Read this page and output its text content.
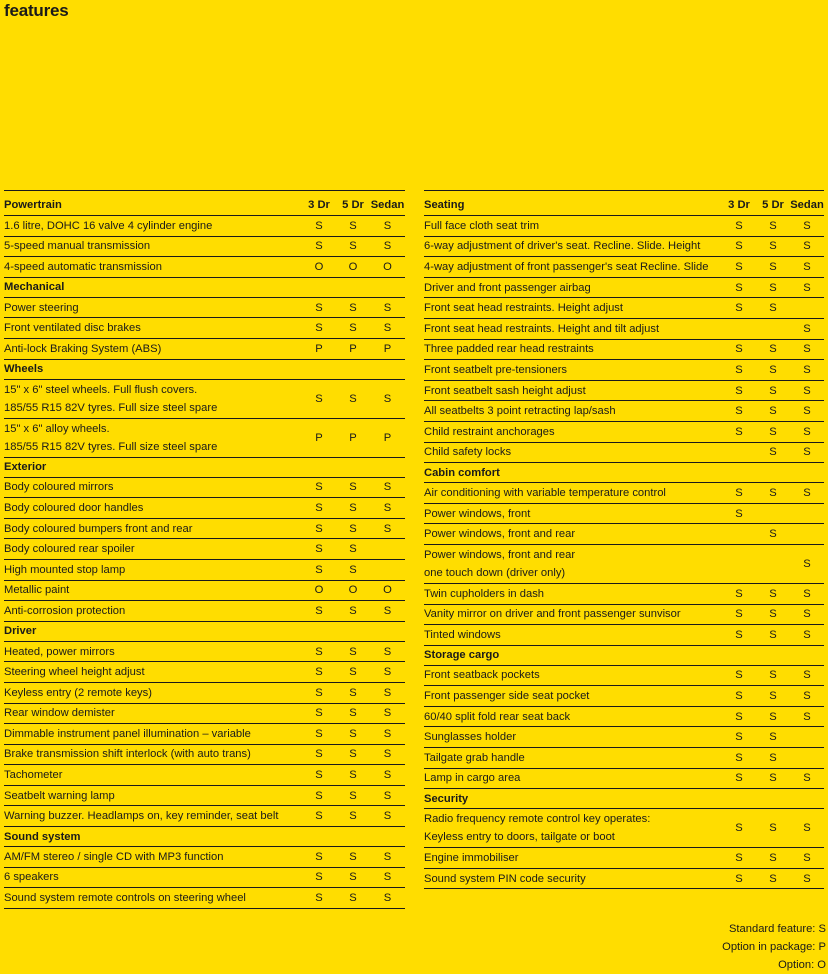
features
Powertrain	3 Dr	5 Dr	Sedan

1.6 litre, DOHC 16 valve 4 cylinder engine	S	S	S

5-speed manual transmission	S	S	S

4-speed automatic transmission	O	O	O
Mechanical			

Power steering	S	S	S

Front ventilated disc brakes	S	S	S

Anti-lock Braking System (ABS)	P	P	P
Wheels			

15" x 6" steel wheels. Full flush covers.
185/55 R15 82V tyres. Full size steel spare	S	S	S

15" x 6" alloy wheels.
185/55 R15 82V tyres. Full size steel spare	P	P	P
Exterior			

Body coloured mirrors	S	S	S

Body coloured door handles	S	S	S

Body coloured bumpers front and rear	S	S	S

Body coloured rear spoiler	S	S	

High mounted stop lamp	S	S	

Metallic paint	O	O	O

Anti-corrosion protection	S	S	S
Driver			

Heated, power mirrors	S	S	S

Steering wheel height adjust	S	S	S

Keyless entry (2 remote keys)	S	S	S

Rear window demister	S	S	S

Dimmable instrument panel illumination – variable	S	S	S

Brake transmission shift interlock (with auto trans)	S	S	S

Tachometer	S	S	S

Seatbelt warning lamp	S	S	S

Warning buzzer. Headlamps on, key reminder, seat belt	S	S	S
Sound system			

AM/FM stereo / single CD with MP3 function	S	S	S

6 speakers	S	S	S

Sound system remote controls on steering wheel	S	S	S
Seating	3 Dr	5 Dr	Sedan

Full face cloth seat trim	S	S	S

6-way adjustment of driver's seat. Recline. Slide. Height	S	S	S

4-way adjustment of front passenger's seat Recline. Slide	S	S	S

Driver and front passenger airbag	S	S	S

Front seat head restraints. Height adjust	S	S	

Front seat head restraints. Height and tilt adjust			S

Three padded rear head restraints	S	S	S

Front seatbelt pre-tensioners	S	S	S

Front seatbelt sash height adjust	S	S	S

All seatbelts 3 point retracting lap/sash	S	S	S

Child restraint anchorages	S	S	S

Child safety locks		S	S
Cabin comfort			

Air conditioning with variable temperature control	S	S	S

Power windows, front	S		

Power windows, front and rear		S	

Power windows, front and rear
one touch down (driver only)			S

Twin cupholders in dash	S	S	S

Vanity mirror on driver and front passenger sunvisor	S	S	S

Tinted windows	S	S	S
Storage cargo			

Front seatback pockets	S	S	S

Front passenger side seat pocket	S	S	S

60/40 split fold rear seat back	S	S	S

Sunglasses holder	S	S	

Tailgate grab handle	S	S	

Lamp in cargo area	S	S	S
Security			

Radio frequency remote control key operates:
Keyless entry to doors, tailgate or boot	S	S	S

Engine immobiliser	S	S	S

Sound system PIN code security	S	S	S
Standard feature: S
Option in package: P
Option: O
